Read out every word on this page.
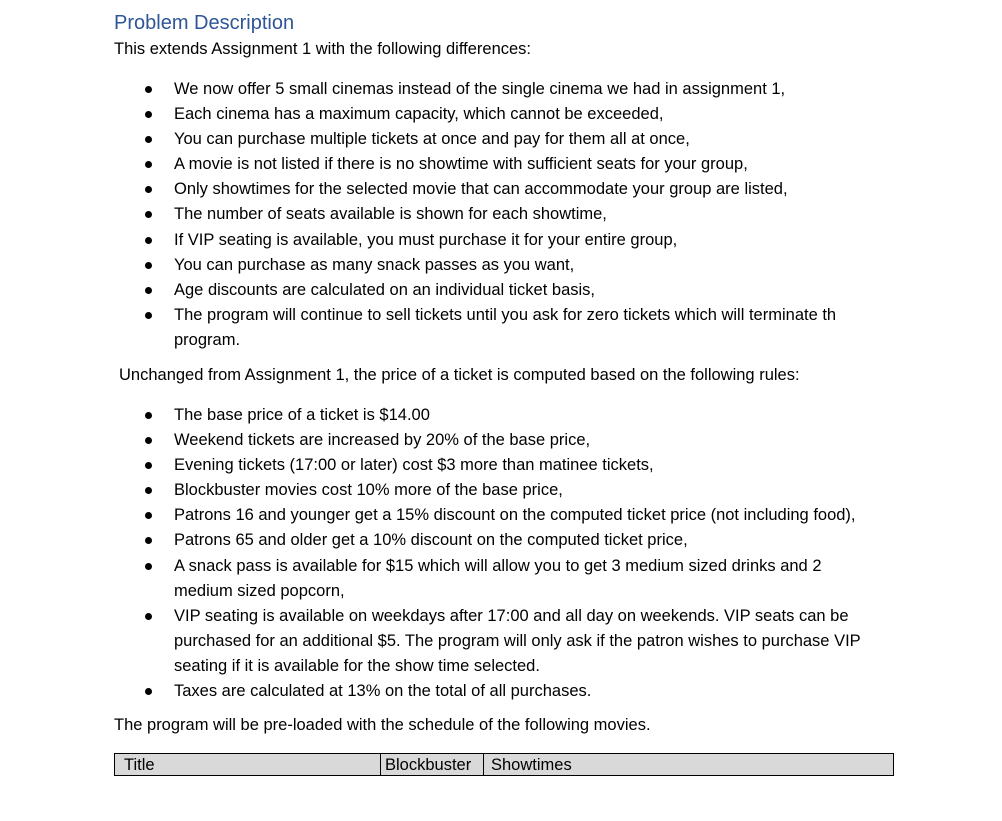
Problem Description

This extends Assignment 1 with the following differences:

We now offer 5 small cinemas instead of the single cinema we had in assignment 1,
Each cinema has a maximum capacity, which cannot be exceeded,
You can purchase multiple tickets at once and pay for them all at once,
A movie is not listed if there is no showtime with sufficient seats for your group,
Only showtimes for the selected movie that can accommodate your group are listed,
The number of seats available is shown for each showtime,
If VIP seating is available, you must purchase it for your entire group,
You can purchase as many snack passes as you want,
Age discounts are calculated on an individual ticket basis,
The program will continue to sell tickets until you ask for zero tickets which will terminate th program.

Unchanged from Assignment 1, the price of a ticket is computed based on the following rules:

The base price of a ticket is $14.00
Weekend tickets are increased by 20% of the base price,
Evening tickets (17:00 or later) cost $3 more than matinee tickets,
Blockbuster movies cost 10% more of the base price,
Patrons 16 and younger get a 15% discount on the computed ticket price (not including food),
Patrons 65 and older get a 10% discount on the computed ticket price,
A snack pass is available for $15 which will allow you to get 3 medium sized drinks and 2 medium sized popcorn,
VIP seating is available on weekdays after 17:00 and all day on weekends. VIP seats can be purchased for an additional $5. The program will only ask if the patron wishes to purchase VIP seating if it is available for the show time selected.
Taxes are calculated at 13% on the total of all purchases.

The program will be pre-loaded with the schedule of the following movies.

Title	Blockbuster	Showtimes
